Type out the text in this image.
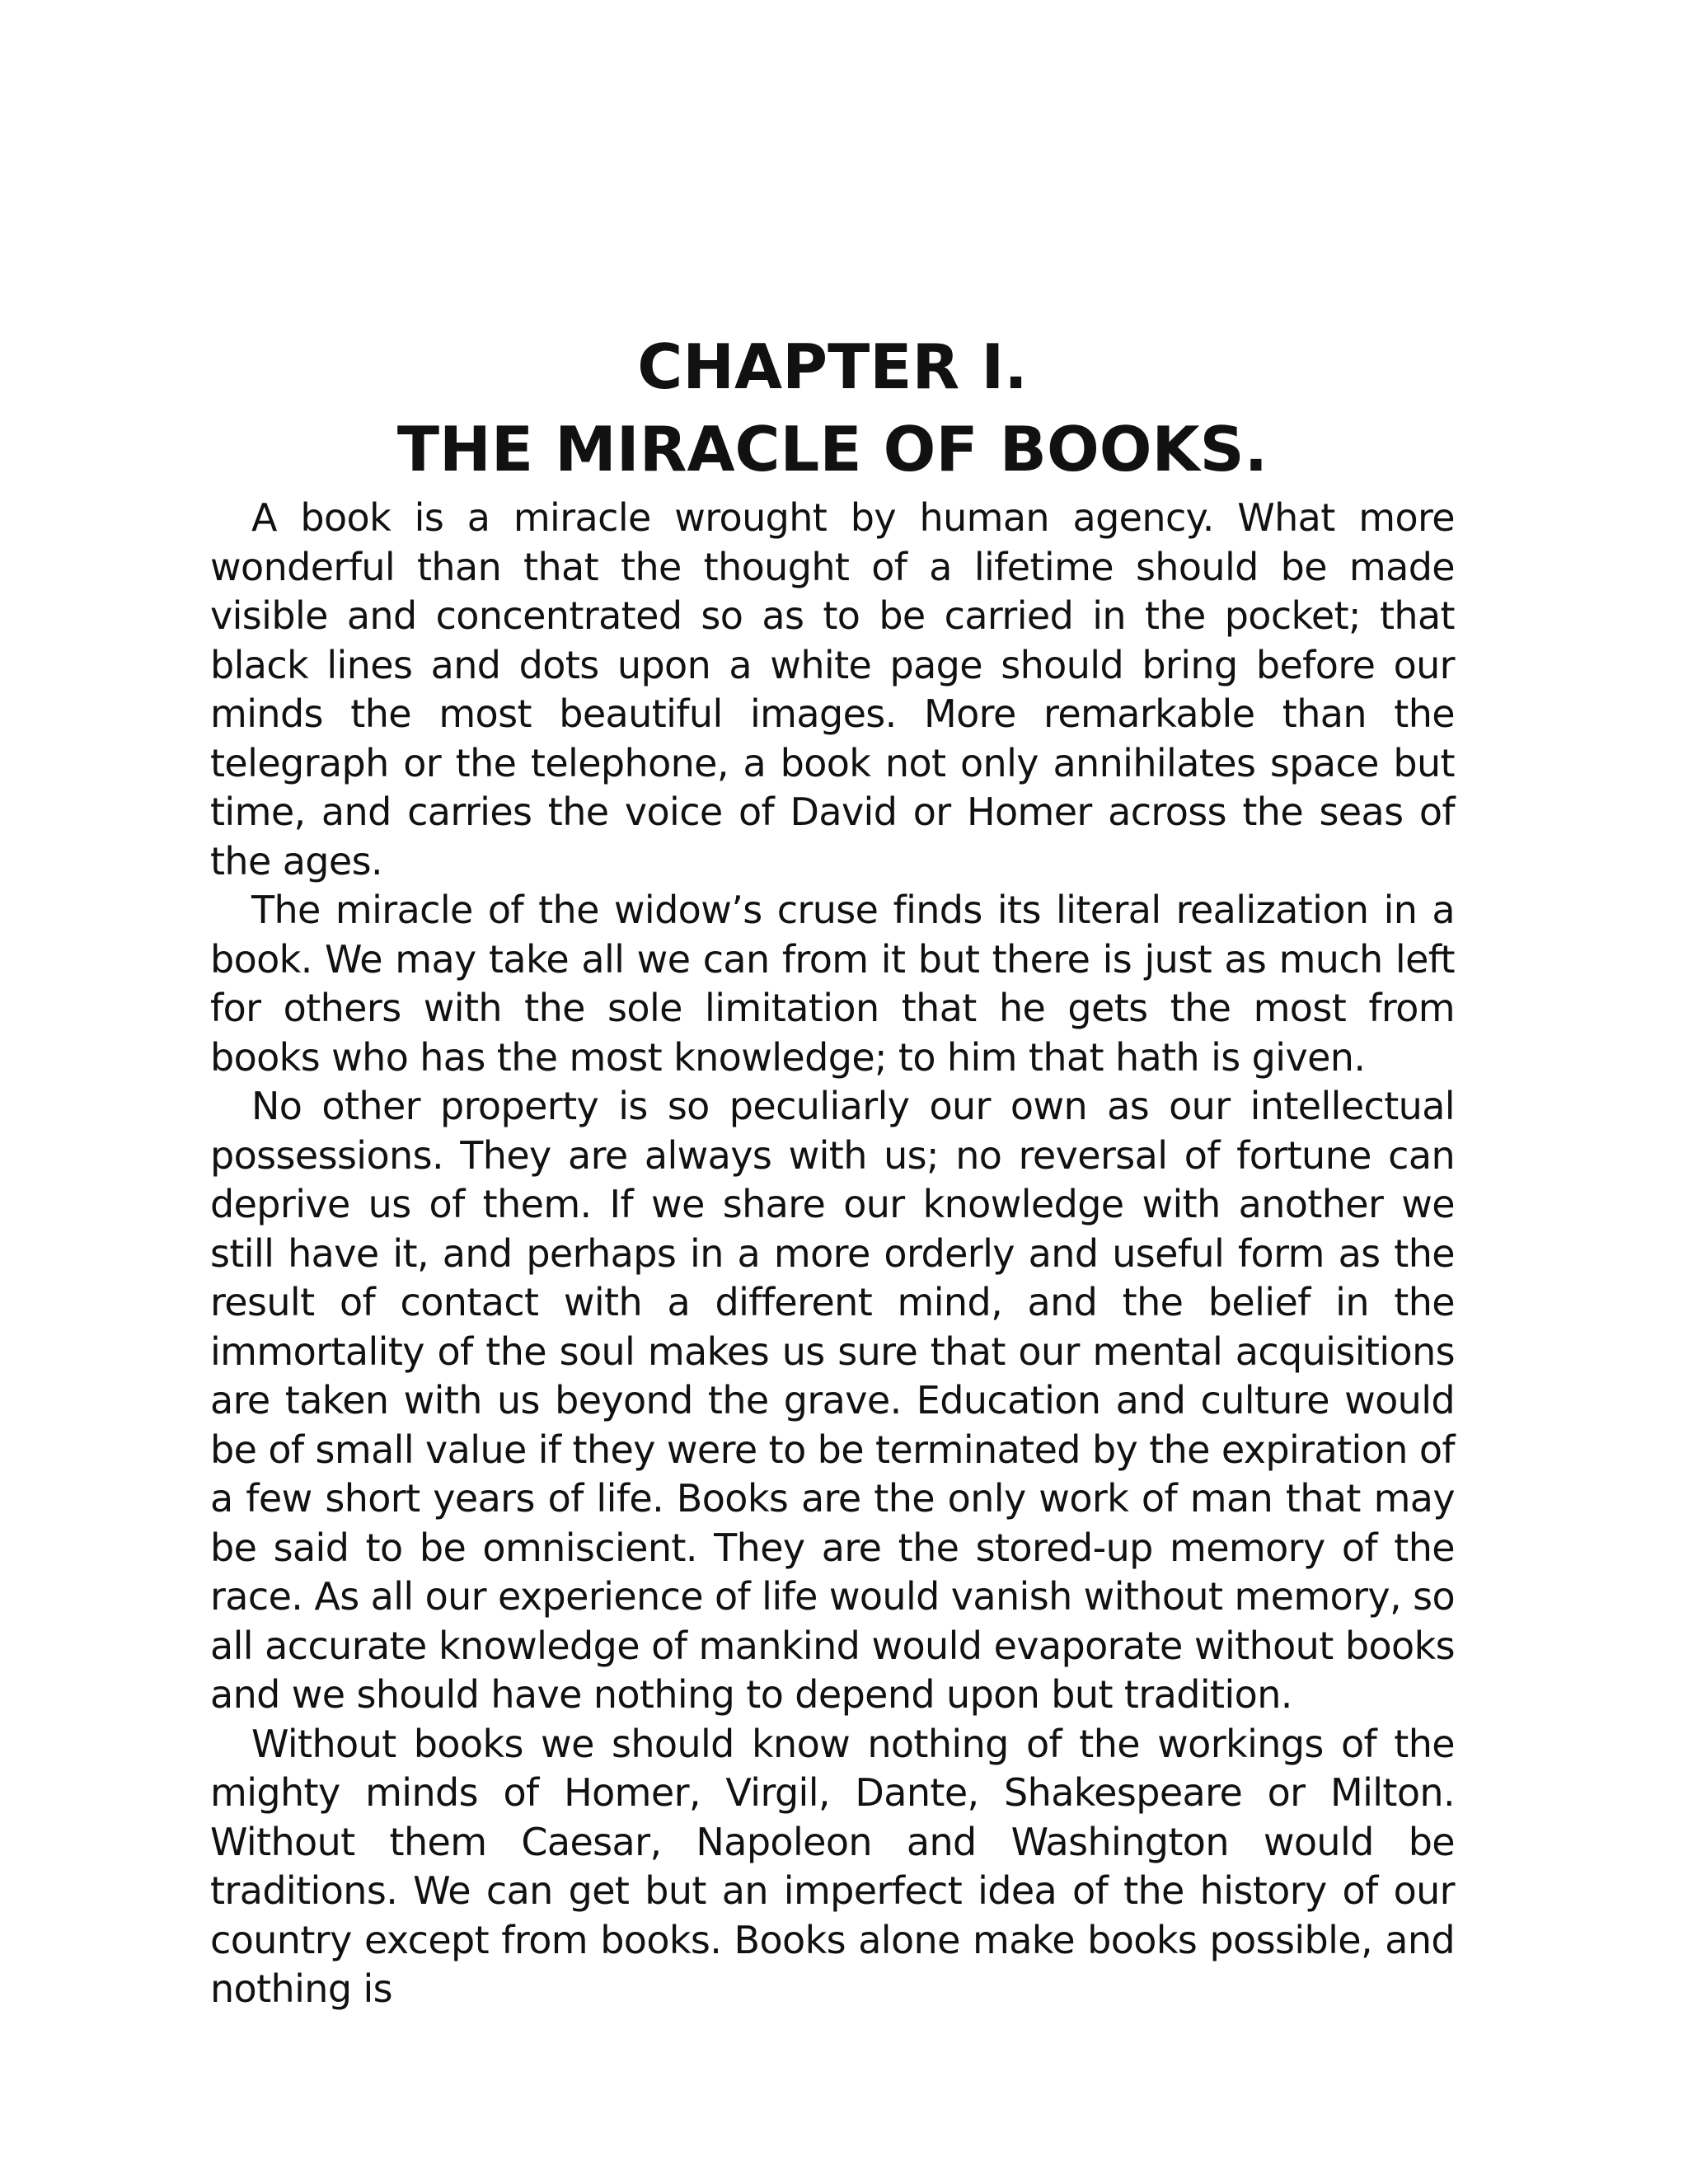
CHAPTER I.
THE MIRACLE OF BOOKS.

A book is a miracle wrought by human agency. What more wonderful than that the thought of a lifetime should be made visible and concentrated so as to be carried in the pocket; that black lines and dots upon a white page should bring before our minds the most beautiful images. More remarkable than the telegraph or the telephone, a book not only annihilates space but time, and carries the voice of David or Homer across the seas of the ages.

The miracle of the widow’s cruse finds its literal realization in a book. We may take all we can from it but there is just as much left for others with the sole limitation that he gets the most from books who has the most knowledge; to him that hath is given.

No other property is so peculiarly our own as our intellectual possessions. They are always with us; no reversal of fortune can deprive us of them. If we share our knowledge with another we still have it, and perhaps in a more orderly and useful form as the result of contact with a different mind, and the belief in the immortality of the soul makes us sure that our mental acquisitions are taken with us beyond the grave. Education and culture would be of small value if they were to be terminated by the expiration of a few short years of life. Books are the only work of man that may be said to be omniscient. They are the stored-up memory of the race. As all our experience of life would vanish without memory, so all accurate knowledge of mankind would evaporate without books and we should have nothing to depend upon but tradition.

Without books we should know nothing of the workings of the mighty minds of Homer, Virgil, Dante, Shakespeare or Milton. Without them Caesar, Napoleon and Washington would be traditions. We can get but an imperfect idea of the history of our country except from books. Books alone make books possible, and nothing is
